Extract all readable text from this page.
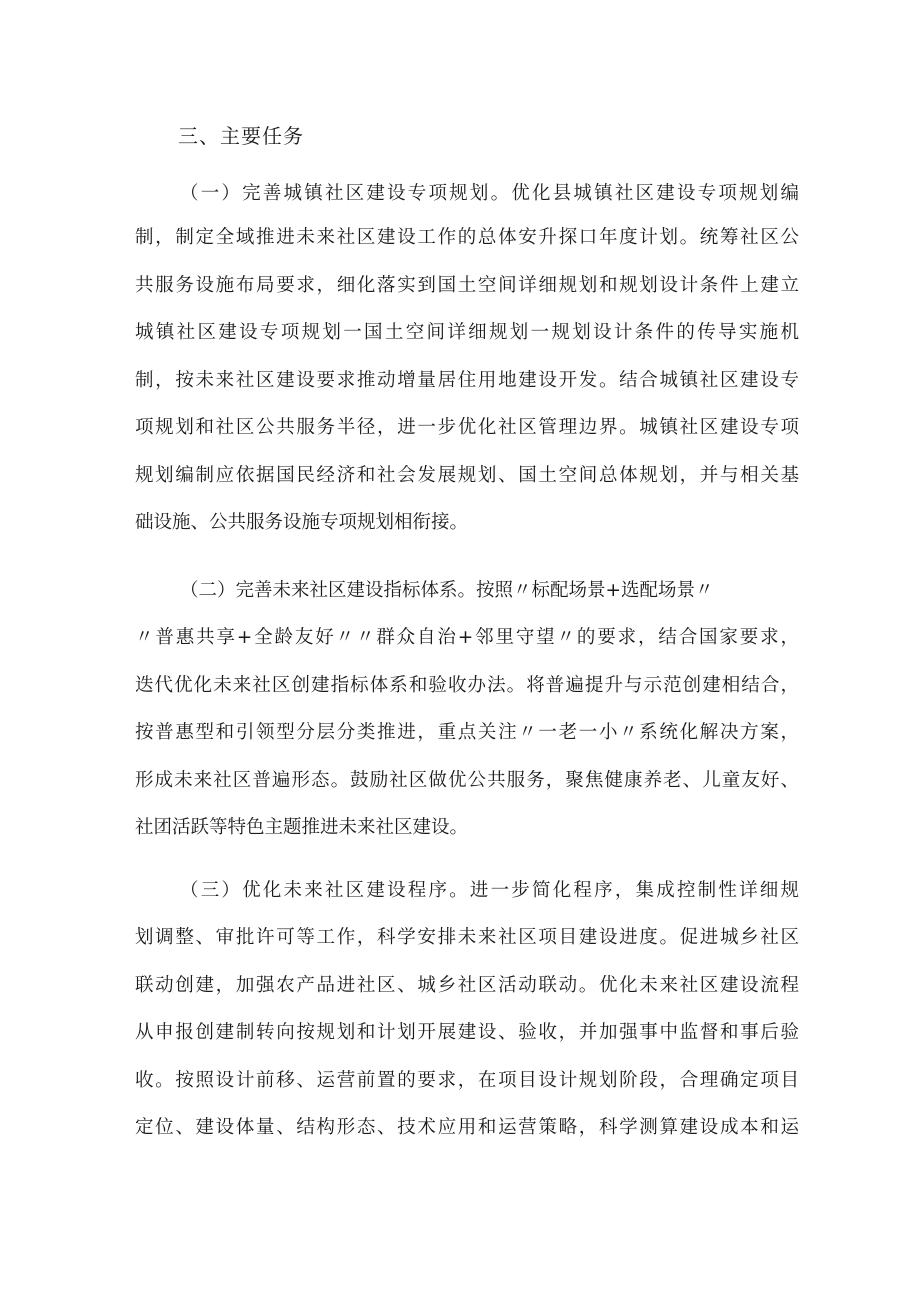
三、主要任务
（一）完善城镇社区建设专项规划。优化县城镇社区建设专项规划编
制，制定全域推进未来社区建设工作的总体安升探口年度计划。统筹社区公
共服务设施布局要求，细化落实到国土空间详细规划和规划设计条件上建立
城镇社区建设专项规划一国土空间详细规划一规划设计条件的传导实施机
制，按未来社区建设要求推动增量居住用地建设开发。结合城镇社区建设专
项规划和社区公共服务半径，进一步优化社区管理边界。城镇社区建设专项
规划编制应依据国民经济和社会发展规划、国土空间总体规划，并与相关基
础设施、公共服务设施专项规划相衔接。
（二）完善未来社区建设指标体系。按照〃标配场景+选配场景〃
〃普惠共享+全龄友好〃〃群众自治+邻里守望〃的要求，结合国家要求，
迭代优化未来社区创建指标体系和验收办法。将普遍提升与示范创建相结合，
按普惠型和引领型分层分类推进，重点关注〃一老一小〃系统化解决方案，
形成未来社区普遍形态。鼓励社区做优公共服务，聚焦健康养老、儿童友好、
社团活跃等特色主题推进未来社区建设。
（三）优化未来社区建设程序。进一步简化程序，集成控制性详细规
划调整、审批许可等工作，科学安排未来社区项目建设进度。促进城乡社区
联动创建，加强农产品进社区、城乡社区活动联动。优化未来社区建设流程
从申报创建制转向按规划和计划开展建设、验收，并加强事中监督和事后验
收。按照设计前移、运营前置的要求，在项目设计规划阶段，合理确定项目
定位、建设体量、结构形态、技术应用和运营策略，科学测算建设成本和运
